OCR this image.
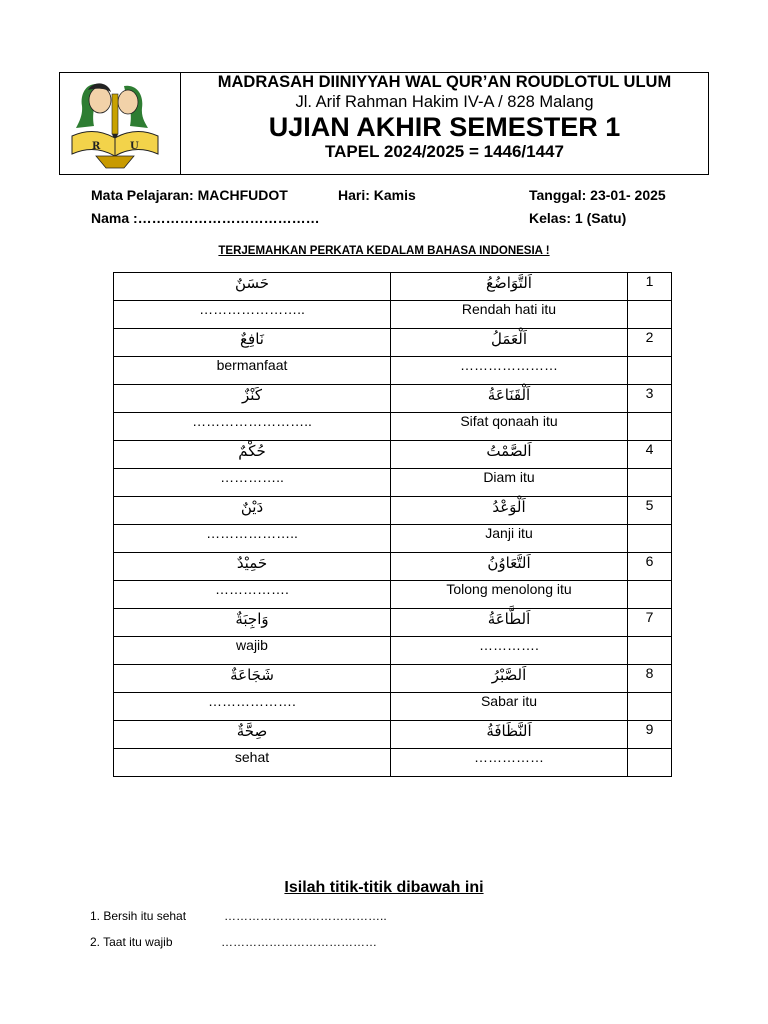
R	U
MADRASAH DIINIYYAH WAL QUR’AN ROUDLOTUL ULUM
Jl. Arif Rahman Hakim IV-A / 828 Malang
UJIAN AKHIR SEMESTER 1
TAPEL 2024/2025 = 1446/1447
Mata Pelajaran: MACHFUDOT	Hari: Kamis	Tanggal: 23-01- 2025
Nama :…………………………………	Kelas: 1 (Satu)
TERJEMAHKAN PERKATA KEDALAM BAHASA INDONESIA !
حَسَنٌ	اَلتَّوَاضُعُ	1
…………………..	Rendah hati itu	
نَافِعٌ	اَلْعَمَلُ	2
bermanfaat	…………………	
كَنْزٌ	اَلْقَنَاعَةُ	3
……………………..	Sifat qonaah itu	
حُكْمٌ	اَلصَّمْتُ	4
…………..	Diam itu	
دَيْنٌ	اَلْوَعْدُ	5
………………..	Janji itu	
حَمِيْدٌ	اَلتَّعَاوُنُ	6
…………….	Tolong menolong itu	
وَاجِبَةٌ	اَلطَّاعَةُ	7
wajib	………….	
شَجَاعَةٌ	اَلصَّبْرُ	8
……………….	Sabar itu	
صِحَّةٌ	اَلنَّظَافَةُ	9
sehat	……………	
Isilah titik-titik dibawah ini
1. Bersih itu sehat	…………………………………..
2. Taat itu wajib	…………………………………
